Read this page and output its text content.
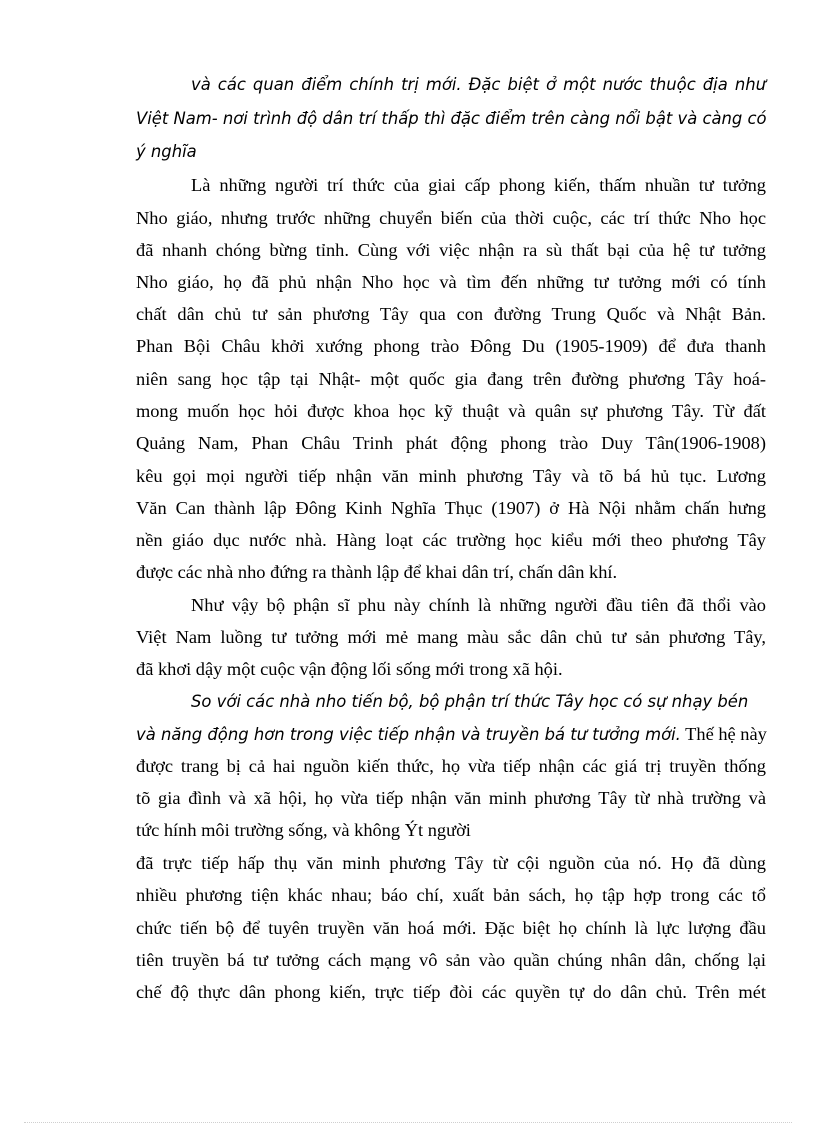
và các quan điểm chính trị mới. Đặc biệt ở một nước thuộc địa như
Việt Nam- nơi trình độ dân trí thấp thì đặc điểm trên càng nổi bật và càng có
ý nghĩa
Là những người trí thức của giai cấp phong kiến, thấm nhuần tư tưởng
Nho giáo, nhưng trước những chuyển biến của thời cuộc, các trí thức Nho học
đã nhanh chóng bừng tỉnh. Cùng với việc nhận ra sù thất bại của hệ tư tưởng
Nho giáo, họ đã phủ nhận Nho học và tìm đến những tư tưởng mới có tính
chất dân chủ tư sản phương Tây qua con đường Trung Quốc và Nhật Bản.
Phan Bội Châu khởi xướng phong trào Đông Du (1905-1909) để đưa thanh
niên sang học tập tại Nhật- một quốc gia đang trên đường phương Tây hoá-
mong muốn học hỏi được khoa học kỹ thuật và quân sự phương Tây. Từ đất
Quảng Nam, Phan Châu Trinh phát động phong trào Duy Tân(1906-1908)
kêu gọi mọi người tiếp nhận văn minh phương Tây và tõ bá hủ tục. Lương
Văn Can thành lập Đông Kinh Nghĩa Thục (1907) ở Hà Nội nhằm chấn hưng
nền giáo dục nước nhà. Hàng loạt các trường học kiểu mới theo phương Tây
được các nhà nho đứng ra thành lập để khai dân trí, chấn dân khí.
Như vậy bộ phận sĩ phu này chính là những người đầu tiên đã thổi vào
Việt Nam luồng tư tưởng mới mẻ mang màu sắc dân chủ tư sản phương Tây,
đã khơi dậy một cuộc vận động lối sống mới trong xã hội.
So với các nhà nho tiến bộ, bộ phận trí thức Tây học có sự nhạy bén
và năng động hơn trong việc tiếp nhận và truyền bá tư tưởng mới. Thế hệ này
được trang bị cả hai nguồn kiến thức, họ vừa tiếp nhận các giá trị truyền thống
tõ gia đình và xã hội, họ vừa tiếp nhận văn minh phương Tây từ nhà trường và
tức hính môi trường sống, và không Ýt người
đã trực tiếp hấp thụ văn minh phương Tây từ cội nguồn của nó. Họ đã dùng
nhiều phương tiện khác nhau; báo chí, xuất bản sách, họ tập hợp trong các tổ
chức tiến bộ để tuyên truyền văn hoá mới. Đặc biệt họ chính là lực lượng đầu
tiên truyền bá tư tưởng cách mạng vô sản vào quần chúng nhân dân, chống lại
chế độ thực dân phong kiến, trực tiếp đòi các quyền tự do dân chủ. Trên mét
